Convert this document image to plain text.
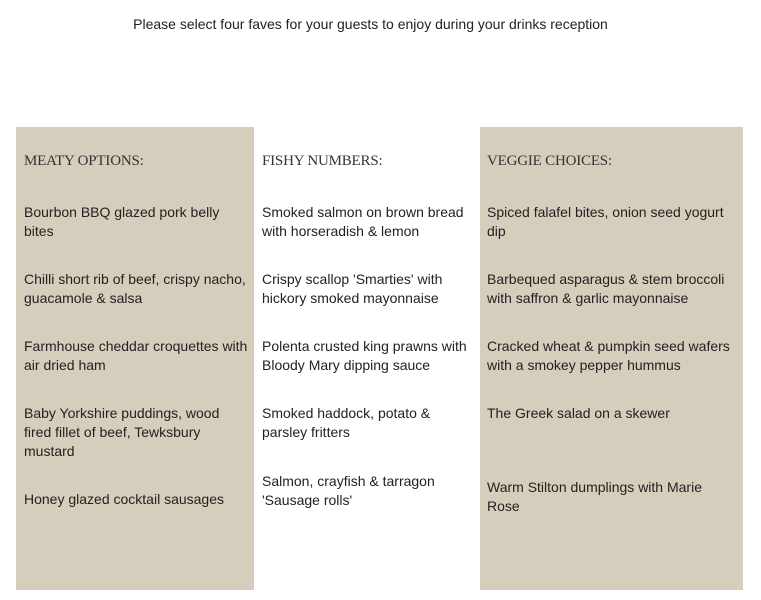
Please select four faves for your guests to enjoy during your drinks reception
MEATY OPTIONS:
Bourbon BBQ glazed pork belly bites
Chilli short rib of beef, crispy nacho, guacamole & salsa
Farmhouse cheddar croquettes with air dried ham
Baby Yorkshire puddings, wood fired fillet of beef, Tewksbury mustard
Honey glazed cocktail sausages
FISHY NUMBERS:
Smoked salmon on brown bread with horseradish & lemon
Crispy scallop 'Smarties' with hickory smoked mayonnaise
Polenta crusted king prawns with Bloody Mary dipping sauce
Smoked haddock, potato & parsley fritters
Salmon, crayfish & tarragon 'Sausage rolls'
VEGGIE CHOICES:
Spiced falafel bites, onion seed yogurt dip
Barbequed asparagus & stem broccoli with saffron & garlic mayonnaise
Cracked wheat & pumpkin seed wafers with a smokey pepper hummus
The Greek salad on a skewer
Warm Stilton dumplings with Marie Rose
